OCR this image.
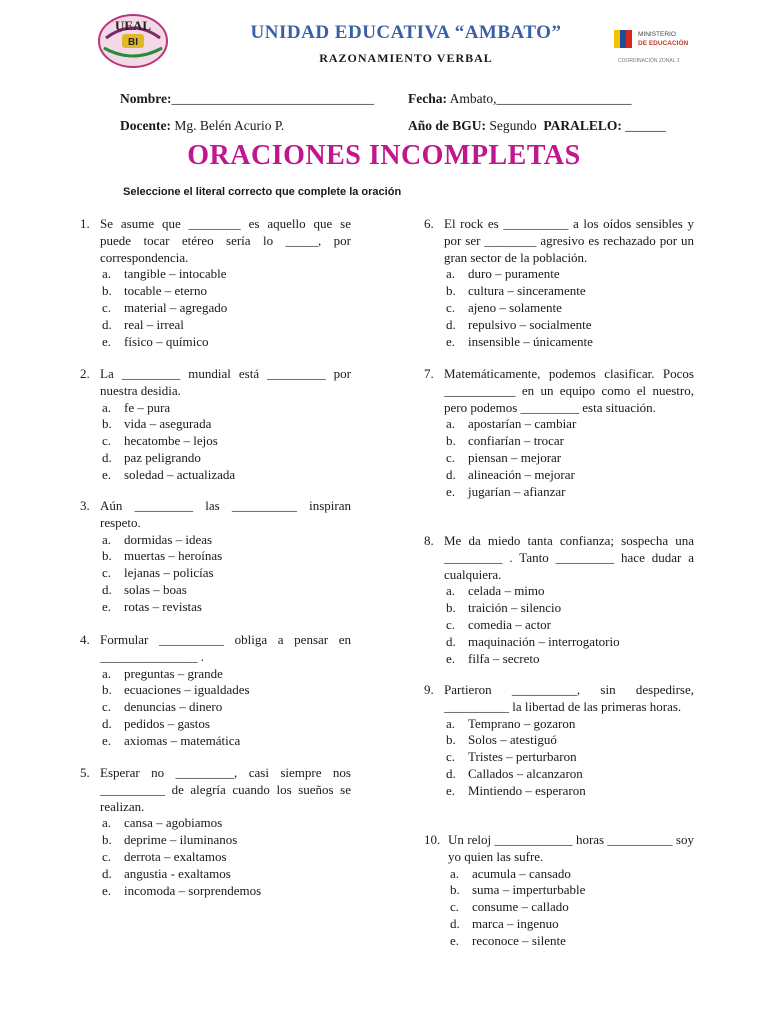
UEAL
BI	UNIDAD EDUCATIVA “AMBATO”
RAZONAMIENTO VERBAL
MINISTERIO
DE EDUCACIÓN
COORDINACIÓN ZONAL 3
Nombre:______________________________	Fecha: Ambato,____________________
Docente: Mg. Belén Acurio P.	Año de BGU: Segundo PARALELO: ______
ORACIONES INCOMPLETAS
Seleccione el literal correcto que complete la oración
1. Se asume que ________ es aquello que se puede tocar etéreo sería lo _____, por correspondencia.
a. tangible – intocable
b. tocable – eterno
c. material – agregado
d. real – irreal
e. físico – químico
2. La _________ mundial está _________ por nuestra desidia.
a. fe – pura
b. vida – asegurada
c. hecatombe – lejos
d. paz peligrando
e. soledad – actualizada
3. Aún _________ las __________ inspiran respeto.
a. dormidas – ideas
b. muertas – heroínas
c. lejanas – policías
d. solas – boas
e. rotas – revistas
4. Formular __________ obliga a pensar en _______________ .
a. preguntas – grande
b. ecuaciones – igualdades
c. denuncias – dinero
d. pedidos – gastos
e. axiomas – matemática
5. Esperar no _________, casi siempre nos __________ de alegría cuando los sueños se realizan.
a. cansa – agobiamos
b. deprime – iluminanos
c. derrota – exaltamos
d. angustia - exaltamos
e. incomoda – sorprendemos
6. El rock es __________ a los oídos sensibles y por ser ________ agresivo es rechazado por un gran sector de la población.
a. duro – puramente
b. cultura – sinceramente
c. ajeno – solamente
d. repulsivo – socialmente
e. insensible – únicamente
7. Matemáticamente, podemos clasificar. Pocos ___________ en un equipo como el nuestro, pero podemos _________ esta situación.
a. apostarían – cambiar
b. confiarían – trocar
c. piensan – mejorar
d. alineación – mejorar
e. jugarían – afianzar
8. Me da miedo tanta confianza; sospecha una _________ . Tanto _________ hace dudar a cualquiera.
a. celada – mimo
b. traición – silencio
c. comedia – actor
d. maquinación – interrogatorio
e. filfa – secreto
9. Partieron __________, sin despedirse, __________ la libertad de las primeras horas.
a. Temprano – gozaron
b. Solos – atestiguó
c. Tristes – perturbaron
d. Callados – alcanzaron
e. Mintiendo – esperaron
10. Un reloj ____________ horas __________ soy yo quien las sufre.
a. acumula – cansado
b. suma – imperturbable
c. consume – callado
d. marca – ingenuo
e. reconoce – silente
